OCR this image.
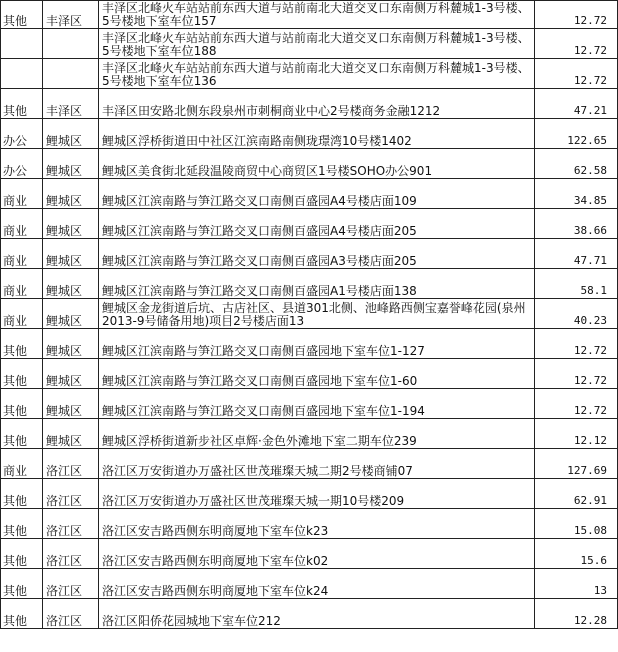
其他	丰泽区	丰泽区北峰火车站站前东西大道与站前南北大道交叉口东南侧万科麓城1-3号楼、5号楼地下室车位157	12.72
		丰泽区北峰火车站站前东西大道与站前南北大道交叉口东南侧万科麓城1-3号楼、5号楼地下室车位188	12.72
		丰泽区北峰火车站站前东西大道与站前南北大道交叉口东南侧万科麓城1-3号楼、5号楼地下室车位136	12.72
其他	丰泽区	丰泽区田安路北侧东段泉州市刺桐商业中心2号楼商务金融1212	47.21
办公	鲤城区	鲤城区浮桥街道田中社区江滨南路南侧珑璟湾10号楼1402	122.65
办公	鲤城区	鲤城区美食街北延段温陵商贸中心商贸区1号楼SOHO办公901	62.58
商业	鲤城区	鲤城区江滨南路与笋江路交叉口南侧百盛园A4号楼店面109	34.85
商业	鲤城区	鲤城区江滨南路与笋江路交叉口南侧百盛园A4号楼店面205	38.66
商业	鲤城区	鲤城区江滨南路与笋江路交叉口南侧百盛园A3号楼店面205	47.71
商业	鲤城区	鲤城区江滨南路与笋江路交叉口南侧百盛园A1号楼店面138	58.1
商业	鲤城区	鲤城区金龙街道后坑、古店社区、县道301北侧、池峰路西侧宝嘉誉峰花园(泉州2013-9号储备用地)项目2号楼店面13	40.23
其他	鲤城区	鲤城区江滨南路与笋江路交叉口南侧百盛园地下室车位1-127	12.72
其他	鲤城区	鲤城区江滨南路与笋江路交叉口南侧百盛园地下室车位1-60	12.72
其他	鲤城区	鲤城区江滨南路与笋江路交叉口南侧百盛园地下室车位1-194	12.72
其他	鲤城区	鲤城区浮桥街道新步社区卓辉·金色外滩地下室二期车位239	12.12
商业	洛江区	洛江区万安街道办万盛社区世茂璀璨天城二期2号楼商铺07	127.69
其他	洛江区	洛江区万安街道办万盛社区世茂璀璨天城一期10号楼209	62.91
其他	洛江区	洛江区安吉路西侧东明商厦地下室车位k23	15.08
其他	洛江区	洛江区安吉路西侧东明商厦地下室车位k02	15.6
其他	洛江区	洛江区安吉路西侧东明商厦地下室车位k24	13
其他	洛江区	洛江区阳侨花园城地下室车位212	12.28
